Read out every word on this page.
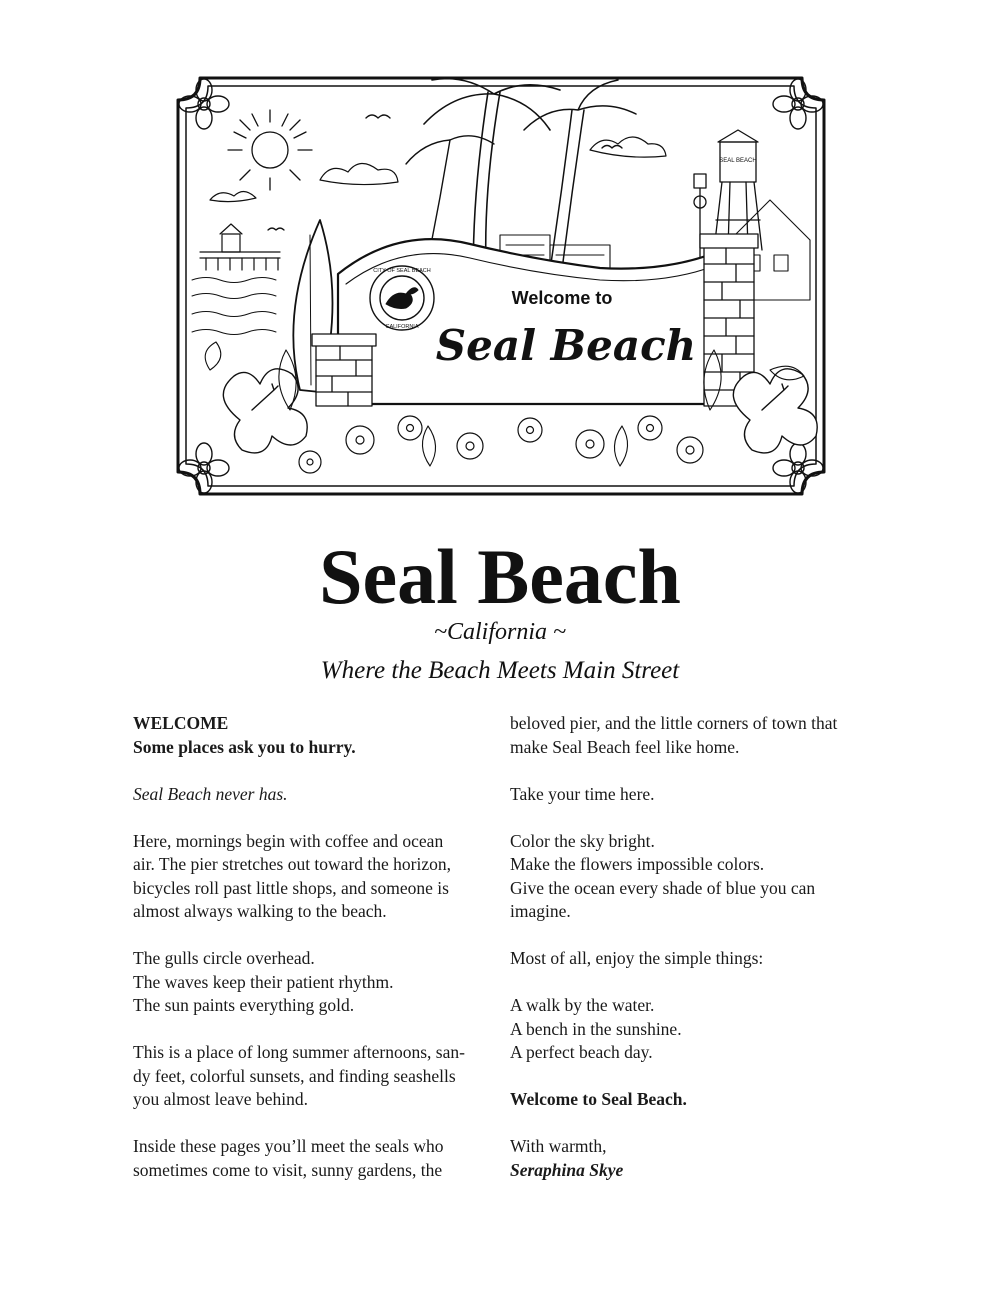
SEAL BEACH
CITY OF SEAL BEACH
CALIFORNIA
Welcome to
Seal Beach
Seal Beach
~California ~
Where the Beach Meets Main Street

WELCOME

Some places ask you to hurry.

Seal Beach never has.

Here, mornings begin with coffee and ocean
air. The pier stretches out toward the horizon,
bicycles roll past little shops, and someone is
almost always walking to the beach.

The gulls circle overhead.
The waves keep their patient rhythm.
The sun paints everything gold.

This is a place of long summer afternoons, san-
dy feet, colorful sunsets, and finding seashells
you almost leave behind.

Inside these pages you’ll meet the seals who
sometimes come to visit, sunny gardens, the

beloved pier, and the little corners of town that
make Seal Beach feel like home.

Take your time here.

Color the sky bright.
Make the flowers impossible colors.
Give the ocean every shade of blue you can
imagine.

Most of all, enjoy the simple things:

A walk by the water.
A bench in the sunshine.
A perfect beach day.

Welcome to Seal Beach.

With warmth,

Seraphina Skye
